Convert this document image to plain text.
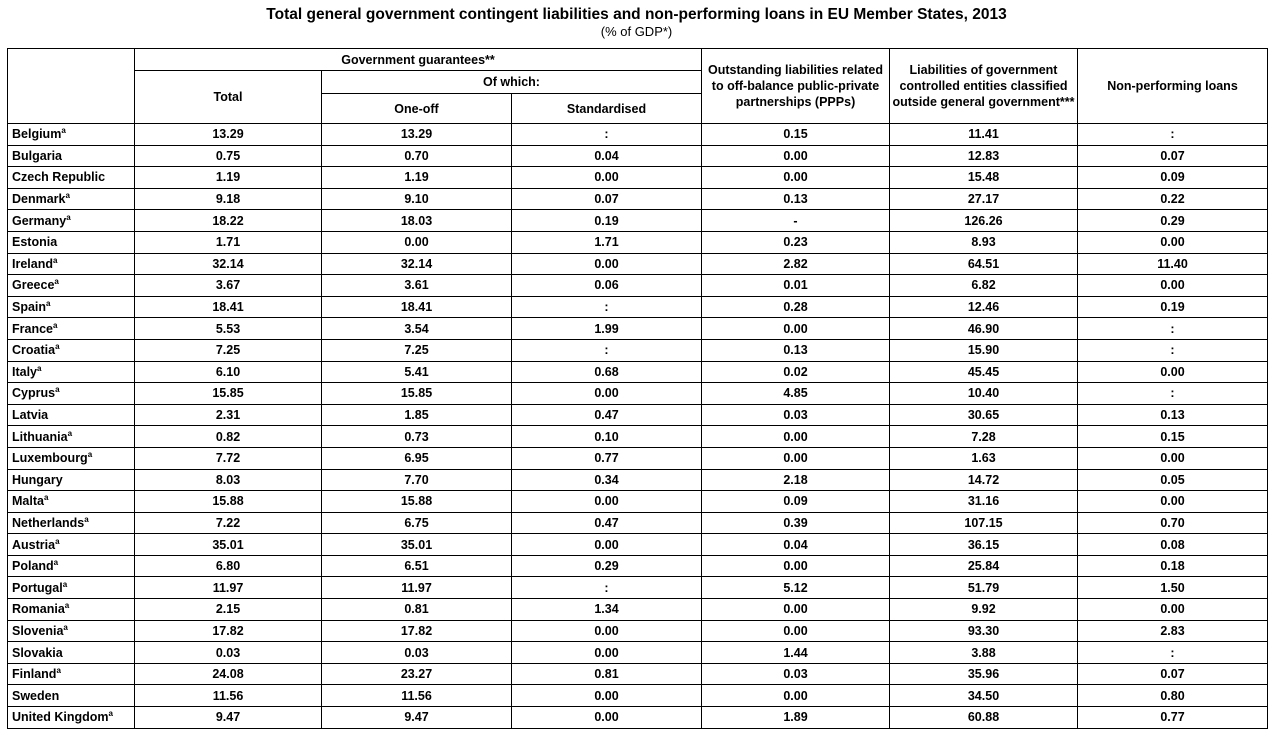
Total general government contingent liabilities and non-performing loans in EU Member States, 2013
(% of GDP*)
	Government guarantees**			Outstanding liabilities related to off-balance public-private partnerships (PPPs)	Liabilities of government controlled entities classified outside general government***	Non-performing loans
	Total	Of which:				
		One-off	Standardised			
Belgium$^a$	13.29	13.29	:	0.15	11.41	:
Bulgaria	0.75	0.70	0.04	0.00	12.83	0.07
Czech Republic	1.19	1.19	0.00	0.00	15.48	0.09
Denmark$^a$	9.18	9.10	0.07	0.13	27.17	0.22
Germany$^a$	18.22	18.03	0.19	-	126.26	0.29
Estonia	1.71	0.00	1.71	0.23	8.93	0.00
Ireland$^a$	32.14	32.14	0.00	2.82	64.51	11.40
Greece$^a$	3.67	3.61	0.06	0.01	6.82	0.00
Spain$^a$	18.41	18.41	:	0.28	12.46	0.19
France$^a$	5.53	3.54	1.99	0.00	46.90	:
Croatia$^a$	7.25	7.25	:	0.13	15.90	:
Italy$^a$	6.10	5.41	0.68	0.02	45.45	0.00
Cyprus$^a$	15.85	15.85	0.00	4.85	10.40	:
Latvia	2.31	1.85	0.47	0.03	30.65	0.13
Lithuania$^a$	0.82	0.73	0.10	0.00	7.28	0.15
Luxembourg$^a$	7.72	6.95	0.77	0.00	1.63	0.00
Hungary	8.03	7.70	0.34	2.18	14.72	0.05
Malta$^a$	15.88	15.88	0.00	0.09	31.16	0.00
Netherlands$^a$	7.22	6.75	0.47	0.39	107.15	0.70
Austria$^a$	35.01	35.01	0.00	0.04	36.15	0.08
Poland$^a$	6.80	6.51	0.29	0.00	25.84	0.18
Portugal$^a$	11.97	11.97	:	5.12	51.79	1.50
Romania$^a$	2.15	0.81	1.34	0.00	9.92	0.00
Slovenia$^a$	17.82	17.82	0.00	0.00	93.30	2.83
Slovakia	0.03	0.03	0.00	1.44	3.88	:
Finland$^a$	24.08	23.27	0.81	0.03	35.96	0.07
Sweden	11.56	11.56	0.00	0.00	34.50	0.80
United Kingdom$^a$	9.47	9.47	0.00	1.89	60.88	0.77
